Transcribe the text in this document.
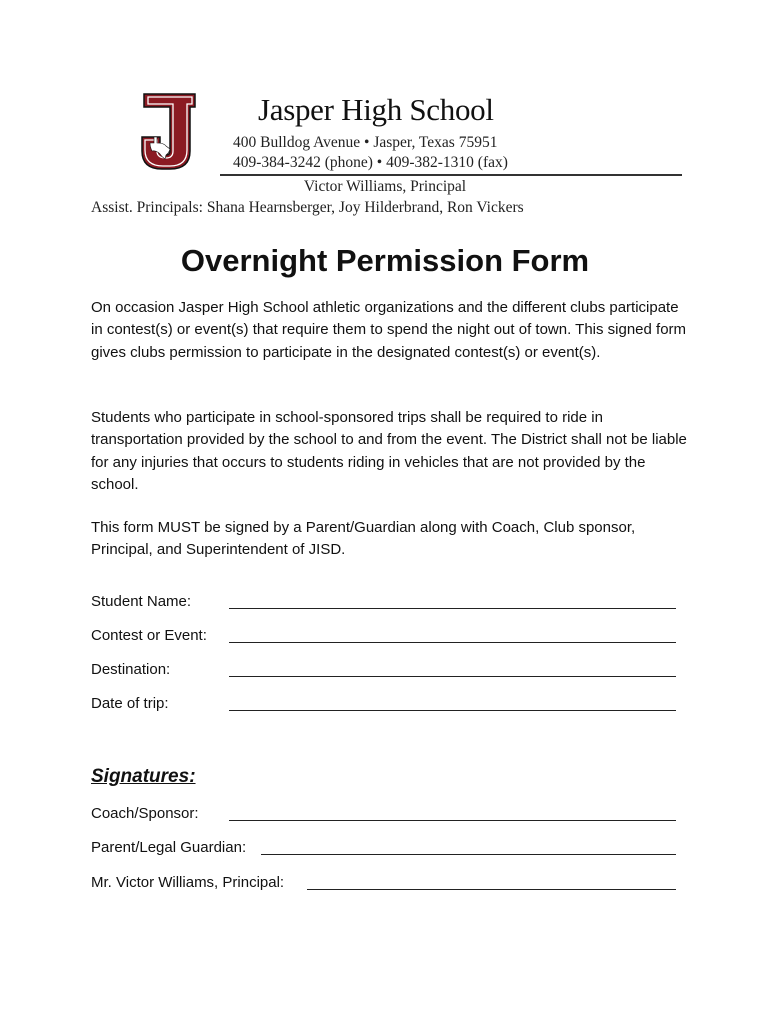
Jasper High School
400 Bulldog Avenue • Jasper, Texas 75951
409-384-3242 (phone) • 409-382-1310 (fax)
Victor Williams, Principal
Assist. Principals: Shana Hearnsberger, Joy Hilderbrand, Ron Vickers
Overnight Permission Form

On occasion Jasper High School athletic organizations and the different clubs participate in contest(s) or event(s) that require them to spend the night out of town. This signed form gives clubs permission to participate in the designated contest(s) or event(s).

Students who participate in school-sponsored trips shall be required to ride in transportation provided by the school to and from the event. The District shall not be liable for any injuries that occurs to students riding in vehicles that are not provided by the school.

This form MUST be signed by a Parent/Guardian along with Coach, Club sponsor, Principal, and Superintendent of JISD.

Student Name:
Contest or Event:
Destination:
Date of trip:
Signatures:
Coach/Sponsor:
Parent/Legal Guardian:
Mr. Victor Williams, Principal:
